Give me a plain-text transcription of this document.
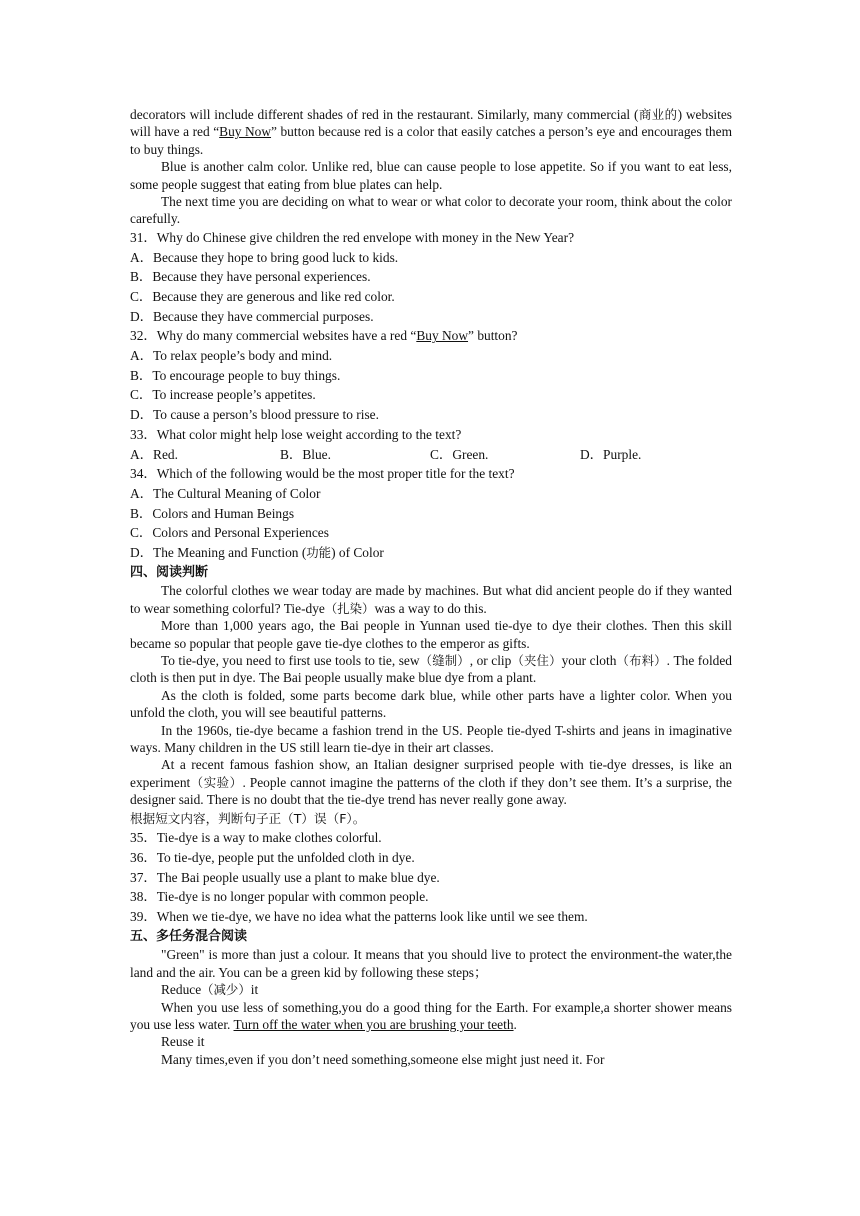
decorators will include different shades of red in the restaurant. Similarly, many commercial (商业的) websites will have a red “Buy Now” button because red is a color that easily catches a person’s eye and encourages them to buy things.

Blue is another calm color. Unlike red, blue can cause people to lose appetite. So if you want to eat less, some people suggest that eating from blue plates can help.

The next time you are deciding on what to wear or what color to decorate your room, think about the color carefully.

31．Why do Chinese give children the red envelope with money in the New Year?

A．Because they hope to bring good luck to kids.

B．Because they have personal experiences.

C．Because they are generous and like red color.

D．Because they have commercial purposes.

32．Why do many commercial websites have a red “Buy Now” button?

A．To relax people’s body and mind.

B．To encourage people to buy things.

C．To increase people’s appetites.

D．To cause a person’s blood pressure to rise.

33．What color might help lose weight according to the text?

A．Red.	B．Blue.	C．Green.	D．Purple.

34．Which of the following would be the most proper title for the text?

A．The Cultural Meaning of Color

B．Colors and Human Beings

C．Colors and Personal Experiences

D．The Meaning and Function (功能) of Color

四、阅读判断

The colorful clothes we wear today are made by machines. But what did ancient people do if they wanted to wear something colorful? Tie-dye（扎染）was a way to do this.

More than 1,000 years ago, the Bai people in Yunnan used tie-dye to dye their clothes. Then this skill became so popular that people gave tie-dye clothes to the emperor as gifts.

To tie-dye, you need to first use tools to tie, sew（缝制）, or clip（夹住）your cloth（布料）. The folded cloth is then put in dye. The Bai people usually make blue dye from a plant.

As the cloth is folded, some parts become dark blue, while other parts have a lighter color. When you unfold the cloth, you will see beautiful patterns.

In the 1960s, tie-dye became a fashion trend in the US. People tie-dyed T-shirts and jeans in imaginative ways. Many children in the US still learn tie-dye in their art classes.

At a recent famous fashion show, an Italian designer surprised people with tie-dye dresses, is like an experiment（实验）. People cannot imagine the patterns of the cloth if they don’t see them. It’s a surprise, the designer said. There is no doubt that the tie-dye trend has never really gone away.

根据短文内容，判断句子正（T）误（F）。

35．Tie-dye is a way to make clothes colorful.

36．To tie-dye, people put the unfolded cloth in dye.

37．The Bai people usually use a plant to make blue dye.

38．Tie-dye is no longer popular with common people.

39．When we tie-dye, we have no idea what the patterns look like until we see them.

五、多任务混合阅读

"Green" is more than just a colour. It means that you should live to protect the environment-the water,the land and the air. You can be a green kid by following these steps；

Reduce（减少）it

When you use less of something,you do a good thing for the Earth. For example,a shorter shower means you use less water. Turn off the water when you are brushing your teeth.

Reuse it

Many times,even if you don’t need something,someone else might just need it. For
